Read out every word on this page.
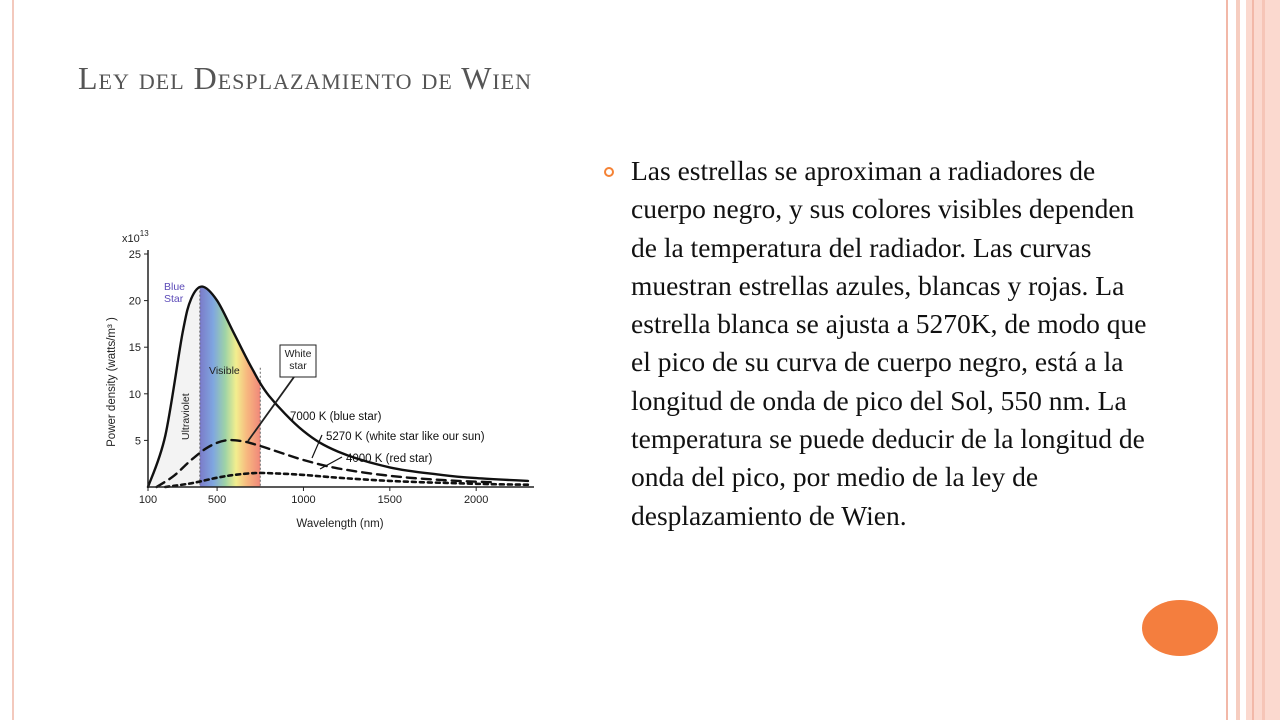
Ley del Desplazamiento de Wien

Las estrellas se aproximan a radiadores de cuerpo negro, y sus colores visibles dependen de la temperatura del radiador. Las curvas muestran estrellas azules, blancas y rojas. La estrella blanca se ajusta a 5270K, de modo que el pico de su curva de cuerpo negro, está a la longitud de onda de pico del Sol, 550 nm. La temperatura se puede deducir de la longitud de onda del pico, por medio de la ley de desplazamiento de Wien.

100	500	1000	1500	2000
5
10
15
20
25
$x10^{13}$
Power density (watts/m³ )
Wavelength (nm)
Blue Star
Ultraviolet
Visible
White star
7000 K (blue star)
5270 K (white star like our sun)
4000 K (red star)
